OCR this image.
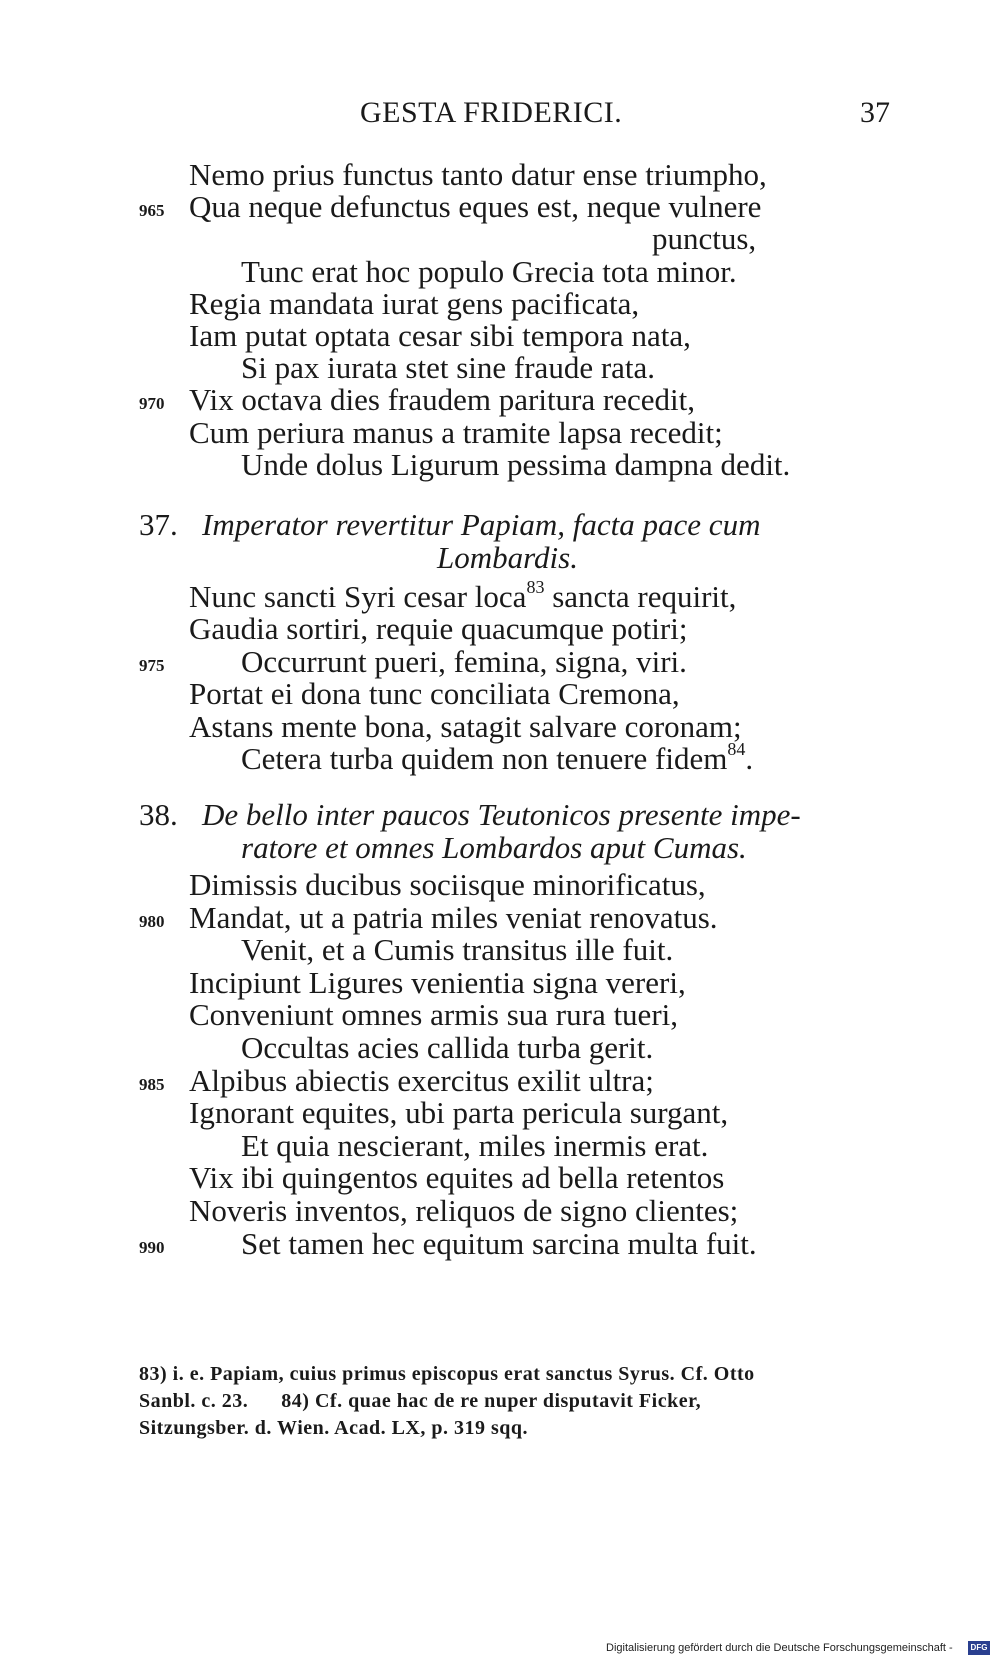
GESTA FRIDERICI.	37
Nemo prius functus tanto datur ense triumpho,
965 Qua neque defunctus eques est, neque vulnere
punctus,
Tunc erat hoc populo Grecia tota minor.
Regia mandata iurat gens pacificata,
Iam putat optata cesar sibi tempora nata,
Si pax iurata stet sine fraude rata.
970 Vix octava dies fraudem paritura recedit,
Cum periura manus a tramite lapsa recedit;
Unde dolus Ligurum pessima dampna dedit.
37. Imperator revertitur Papiam, facta pace cum
Lombardis.
Nunc sancti Syri cesar loca$^{83}$ sancta requirit,
Gaudia sortiri, requie quacumque potiri;
975 Occurrunt pueri, femina, signa, viri.
Portat ei dona tunc conciliata Cremona,
Astans mente bona, satagit salvare coronam;
Cetera turba quidem non tenuere fidem$^{84}$.
38. De bello inter paucos Teutonicos presente impe-
ratore et omnes Lombardos aput Cumas.
Dimissis ducibus sociisque minorificatus,
980 Mandat, ut a patria miles veniat renovatus.
Venit, et a Cumis transitus ille fuit.
Incipiunt Ligures venientia signa vereri,
Conveniunt omnes armis sua rura tueri,
Occultas acies callida turba gerit.
985 Alpibus abiectis exercitus exilit ultra;
Ignorant equites, ubi parta pericula surgant,
Et quia nescierant, miles inermis erat.
Vix ibi quingentos equites ad bella retentos
Noveris inventos, reliquos de signo clientes;
990 Set tamen hec equitum sarcina multa fuit.
83) i. e. Papiam, cuius primus episcopus erat sanctus Syrus. Cf. Otto
Sanbl. c. 23.      84) Cf. quae hac de re nuper disputavit Ficker,
Sitzungsber. d. Wien. Acad. LX, p. 319 sqq.
Digitalisierung gefördert durch die Deutsche Forschungsgemeinschaft -	DFG
